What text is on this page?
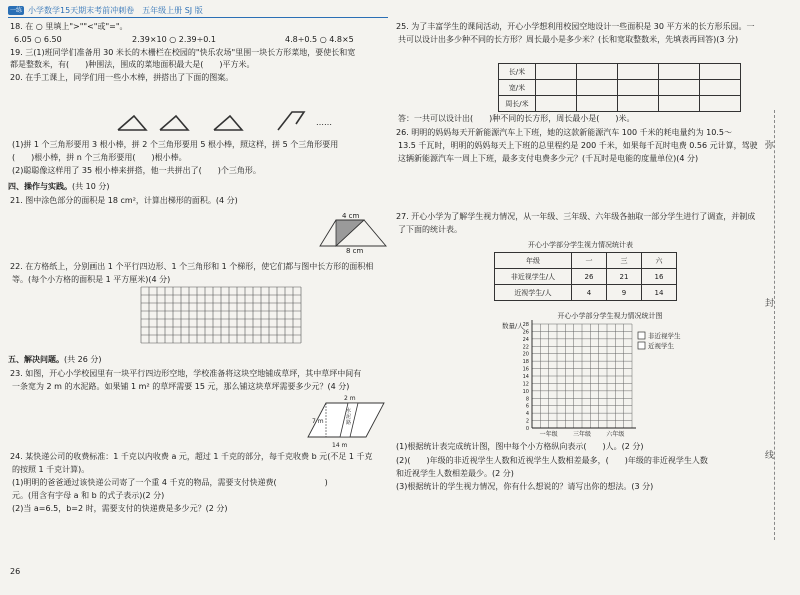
一练 小学数学15天期末考前冲刺卷　五年级上册 SJ 版

18. 在 ○ 里填上">""<"或"="。

6.05 ○ 6.50	2.39×10 ○ 2.39÷0.1	4.8÷0.5 ○ 4.8×5

19. 三(1)班同学们准备用 30 米长的木栅栏在校园的"快乐农场"里围一块长方形菜地，要使长和宽

都是整数米，有(　　)种围法，围成的菜地面积最大是(　　)平方米。

20. 在手工课上，同学们用一些小木棒，拼搭出了下面的图案。

……

(1)拼 1 个三角形要用 3 根小棒，拼 2 个三角形要用 5 根小棒，照这样，拼 5 个三角形要用

(　　)根小棒，拼 n 个三角形要用(　　)根小棒。

(2)聪聪像这样用了 35 根小棒来拼搭，他一共拼出了(　　)个三角形。

四、操作与实践。(共 10 分)

21. 图中涂色部分的面积是 18 cm²，计算出梯形的面积。(4 分)

4 cm

8 cm

22. 在方格纸上，分别画出 1 个平行四边形、1 个三角形和 1 个梯形，使它们都与图中长方形的面积相

等。(每个小方格的面积是 1 平方厘米)(4 分)

五、解决问题。(共 26 分)

23. 如图，开心小学校园里有一块平行四边形空地，学校准备将这块空地铺成草坪，其中草坪中间有

一条宽为 2 m 的水泥路。如果铺 1 m² 的草坪需要 15 元，那么铺这块草坪需要多少元？(4 分)

2 m
7 m
14 m

水泥路

24. 某快递公司的收费标准：1 千克以内收费 a 元，超过 1 千克的部分，每千克收费 b 元(不足 1 千克

的按照 1 千克计算)。

(1)明明的爸爸通过该快递公司寄了一个重 4 千克的物品，需要支付快递费(　　　　　　)

元。(用含有字母 a 和 b 的式子表示)(2 分)

(2)当 a=6.5，b=2 时，需要支付的快递费是多少元？(2 分)

26

25. 为了丰富学生的课间活动，开心小学想利用校园空地设计一些面积是 30 平方米的长方形乐园。一

共可以设计出多少种不同的长方形？周长最小是多少米？(长和宽取整数米，先填表再回答)(3 分)

长/米					
宽/米					
周长/米					

答：一共可以设计出(　　)种不同的长方形，周长最小是(　　)米。

26. 明明的妈妈每天开新能源汽车上下班，她的这款新能源汽车 100 千米的耗电量约为 10.5～

13.5 千瓦时，明明的妈妈每天上下班的总里程约是 200 千米，如果每千瓦时电费 0.56 元计算，驾驶

这辆新能源汽车一周上下班，最多支付电费多少元？(千瓦时是电能的度量单位)(4 分)

27. 开心小学为了解学生视力情况，从一年级、三年级、六年级各抽取一部分学生进行了调查，并制成

了下面的统计表。

开心小学部分学生视力情况统计表

年级	一	三	六
非近视学生/人	26	21	16
近视学生/人	4	9	14
开心小学部分学生视力情况统计图
数量/人
0
2
4
6
8
10
12
14
16
18
20
22
24
26
28
一年级	三年级	六年级
非近视学生
近视学生

(1)根据统计表完成统计图，图中每个小方格纵向表示(　　)人。(2 分)

(2)(　　)年级的非近视学生人数和近视学生人数相差最多，(　　)年级的非近视学生人数

和近视学生人数相差最少。(2 分)

(3)根据统计的学生视力情况，你有什么想说的？请写出你的想法。(3 分)

弥
封
线
